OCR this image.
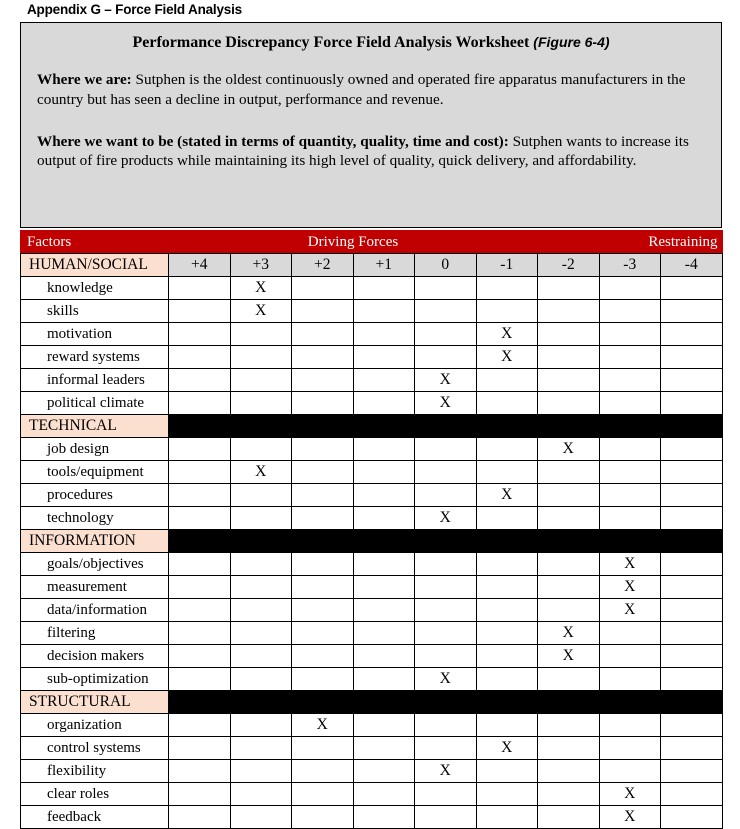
Appendix G – Force Field Analysis
Performance Discrepancy Force Field Analysis Worksheet (Figure 6-4)
Where we are: Sutphen is the oldest continuously owned and operated fire apparatus manufacturers in the country but has seen a decline in output, performance and revenue.
Where we want to be (stated in terms of quantity, quality, time and cost): Sutphen wants to increase its output of fire products while maintaining its high level of quality, quick delivery, and affordability.
Factors	Driving Forces						Restraining		
HUMAN/SOCIAL	+4	+3	+2	+1	0	-1	-2	-3	-4
knowledge		X							
skills		X							
motivation						X			
reward systems						X			
informal leaders					X				
political climate					X				
TECHNICAL									
job design							X		
tools/equipment		X							
procedures						X			
technology					X				
INFORMATION									
goals/objectives								X	
measurement								X	
data/information								X	
filtering							X		
decision makers							X		
sub-optimization					X				
STRUCTURAL									
organization			X						
control systems						X			
flexibility					X				
clear roles								X	
feedback								X	
